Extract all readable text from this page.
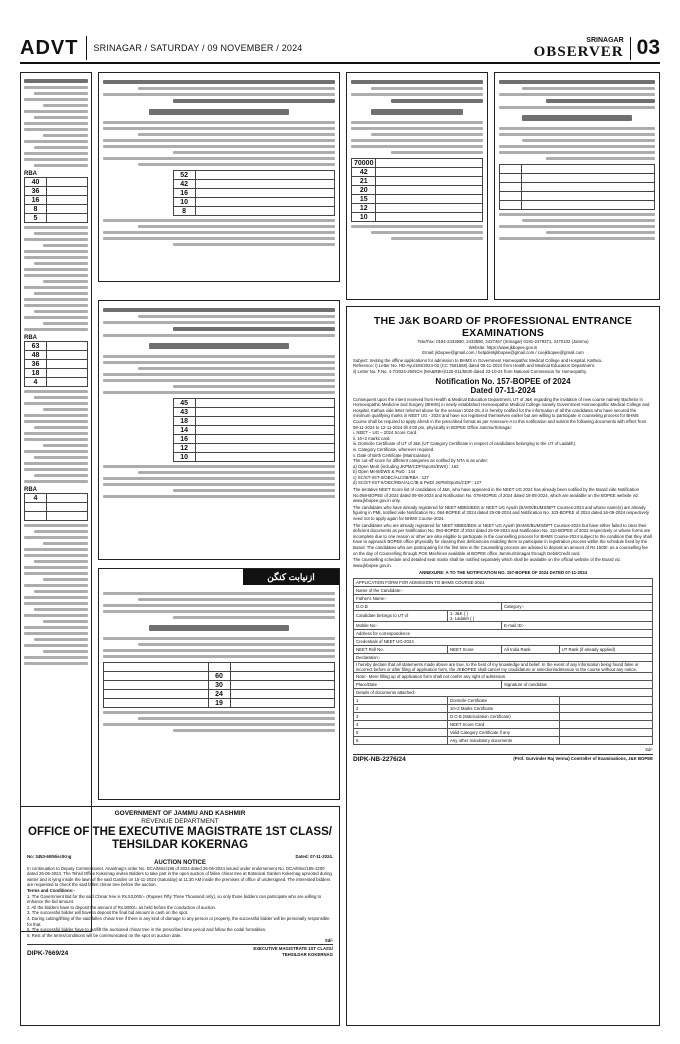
ADVT	SRINAGAR / SATURDAY / 09 NOVEMBER / 2024
SRINAGAR
OBSERVER 03
RBA
40	
36	
16	
8	
5	
RBA
63	
48	
36	
18	
4	
RBA
4	

52	
42	
16	
10	
8	
45	
43	
18	
14	
16	
12	
10	
ازنیابت کنگن

	60	
	30	
	24	
	19	
70000	
42	
21	
20	
15	
12	
10	

THE J&K BOARD OF PROFESSIONAL ENTRANCE EXAMINATIONS
Tele/Fax: 0194-2433590, 2433590, 2437467 (Srinagar) 0191-2479371, 2470102 (Jammu)
Website: https://www.jkbopee.gov.in
Email: jkbopee@gmail.com / helpdeskjkbopee@gmail.com / coejkbopee@gmail.com
Subject: Inviting the offline applications for admission to BHMS in Government Homeopathic Medical College and Hospital, Kathua.
Reference: i) Letter No. HD-Ayu/184/2024-02 (CC 7561668) dated 05-11-2024 from Health and Medical Education Department.
ii) Letter No. F.No. 4-7/2024-25/NCH (MA&RBH)/125-011/5530 dated 23-10-24 from National Commission for Homeopathy.
Notification No. 157-BOPEE of 2024
Dated 07-11-2024
Consequent upon the intent received from Health & Medical Education Department, UT of J&K regarding the invitation of new course namely Bachelor in Homoeopathic Medicine and Surgery (BHMS) in newly established Homoeopathic Medical College namely Government Homoeopathic Medical College and Hospital, Kathua vide letter referred above for the session 2024-25, it is hereby notified for the information of all the candidates who have secured the minimum qualifying marks in NEET UG - 2024 and have not registered themselves earlier but are willing to participate in counseling process for BHMS Course shall be required to apply afresh in the prescribed format as per Annexure-A to this notification and submit the following documents with effect from 08-11-2024 to 12-11-2024 till 4:00 pm, physically in BOPEE Office Jammu/Srinagar:
i. NEET – UG – 2024 Score Card.
ii. 10+2 marks card.
iii. Domicile Certificate of UT of J&K (UT Category Certificate in respect of candidates belonging to the UT of Ladakh).
iv. Category Certificate, wherever required.
v. Date of Birth Certificate (Matriculation).
The cut-off score for different categories as notified by NTA is as under:
a) Open Merit (including JKPM/CDP/Sports/EWS) : 162
b) Open Merit/EWS & PwD : 144
c) SC/ST-I/ST-II/OBC/ALC/IB/RBA : 127
d) SC/ST-I/ST-II/OBC/RBA/ALC/IB & PwD/ JKPM/Sports/CDP : 127
The tentative NEET Score list of candidates of J&K, who have appeared in the NEET UG 2024 has already been notified by the Board vide Notification No.068-BOPEE of 2024 dated 09-08-2024 and Notification No. 078-BOPEE of 2024 dated 18-08-2024, which are available on the BOPEE website viz. www.jkbopee.gov.in only.
The candidates who have already registered for NEET MBBS/BDS or NEET UG Ayush (BAMS/BUMS/BPT Courses-2024 and whose name(s) are already figuring in PML notified vide Notification No. 094-BOPEE of 2024 dated 25-08-2024 and Notification No. 103-BOPEE of 2024 dated 16-09-2024 respectively need not to apply again for BHMS Course-2024.
The candidates who are already registered for NEET MBBS/BDS or NEET UG Ayush (BAMS/BUMS/BPT Courses-2024 but have either failed to clear their deficient documents as per Notification No. 084-BOPEE of 2024 dated 25-08-2024 and Notification No. 110-BOPEE of 2024 respectively or whose forms are incomplete due to one reason or other are also eligible to participate in the counselling process for BHMS Course-2024 subject to the condition that they shall have to approach BOPEE office physically for clearing their deficiencies enabling them to participate in registration process within the schedule fixed by the Board. The candidates who are participating for the first time in the Counselling process are advised to deposit an amount of Rs 1500/- as a counselling fee on the day of Counselling through POS Machines available at BOPEE office Jammu/Srinagar through Debit/Credit card.
The counselling schedule and detailed seat matrix shall be notified separately which shall be available on the official website of the Board viz. www.jkbopee.gov.in.
ANNEXURE: A TO THE NOTIFICATION NO. 157-BOPEE OF 2024 DATED 07-11-2024
APPLICATION FORM FOR ADMISSION TO BHMS COURSE-2024			
Name of the Candidate:-			
Father's Name:-			
D.O.B		Category:-	
Candidate belongs to UT of	1. J&K ( )
2. Ladakh ( )		
Mobile No:-		E-mail ID:-	
Address for correspondence			
Credentials of NEET UG-2024			
NEET Roll No.	NEET Score	All India Rank	UT Rank (if already applied)
Declaration:-			
I hereby declare that all statements made above are true, to the best of my knowledge and belief. In the event of any information being found false or incorrect before or after filing of application form, the JKBOPEE shall cancel my candidature or selection/admission to the course without any notice.			
Note:- Mere filling up of application form shall not confer any right of admission.			
Place/Date		Signature of candidate	
Details of documents attached:-			
1	Domicile Certificate		
2	10+2 Marks Certificate		
3	D.O.B (Matriculation Certificate)		
4	NEET Score Card		
5	Valid Category Certificate if any		
6	Any other mandatory documents		
Sd/-
DIPK-NB-2276/24	(Prof. Gurvinder Raj Verma) Controller of Examinations, J&K BOPEE
GOVERNMENT OF JAMMU AND KASHMIR
REVENUE DEPARTMENT
OFFICE OF THE EXECUTIVE MAGISTRATE 1ST CLASS/
TEHSILDAR KOKERNAG
No: 3453-60/Misc/Kng	Dated: 07-11-2024.
AUCTION NOTICE
In continuation to Deputy Commissioner, Anantnag's order No. DCA/Misc/195 of 2024 dated 26-06-2024 issued under endorsement No. DCA/Misc/195-1200 dated 26-06-2024. The Tehsil Office Kokernag invites Bidders to take part in the open auction of fallen chinar tree at Botanical Garden Kokernag uprooted during winter and is lying inside the lawn of the said Garden on 15-11-2024 (Saturday) at 11:30 AM inside the premises of office of undersigned. The interested bidders are requested to check the said fallen chinar tree before the auction.
Terms and Conditions:-
1. The Government Bid for the said Chinar tree is Rs.53,000/= (Rupees Fifty Three Thousand only), so only those bidders can participate who are willing to enhance the bid amount.
2. All the bidders have to deposit the amount of Rs.5000/= as held before the conduction of auction.
3. The successful bidder will have to deposit the final bid amount in cash on the spot.
4. During cutting/lifting of the said fallen chinar tree if there is any kind of damage to any person or property, the successful bidder will be personally responsible for that.
5. The successful bidder have to cut/lift the auctioned chinar tree in the prescribed time period and follow the codal formalities.
6. Rest of the terms/conditions will be communicated on the spot on auction date.
Sd/-
DIPK-7669/24
EXECUTIVE MAGISTRATE 1ST CLASS/
TEHSILDAR KOKERNAG
